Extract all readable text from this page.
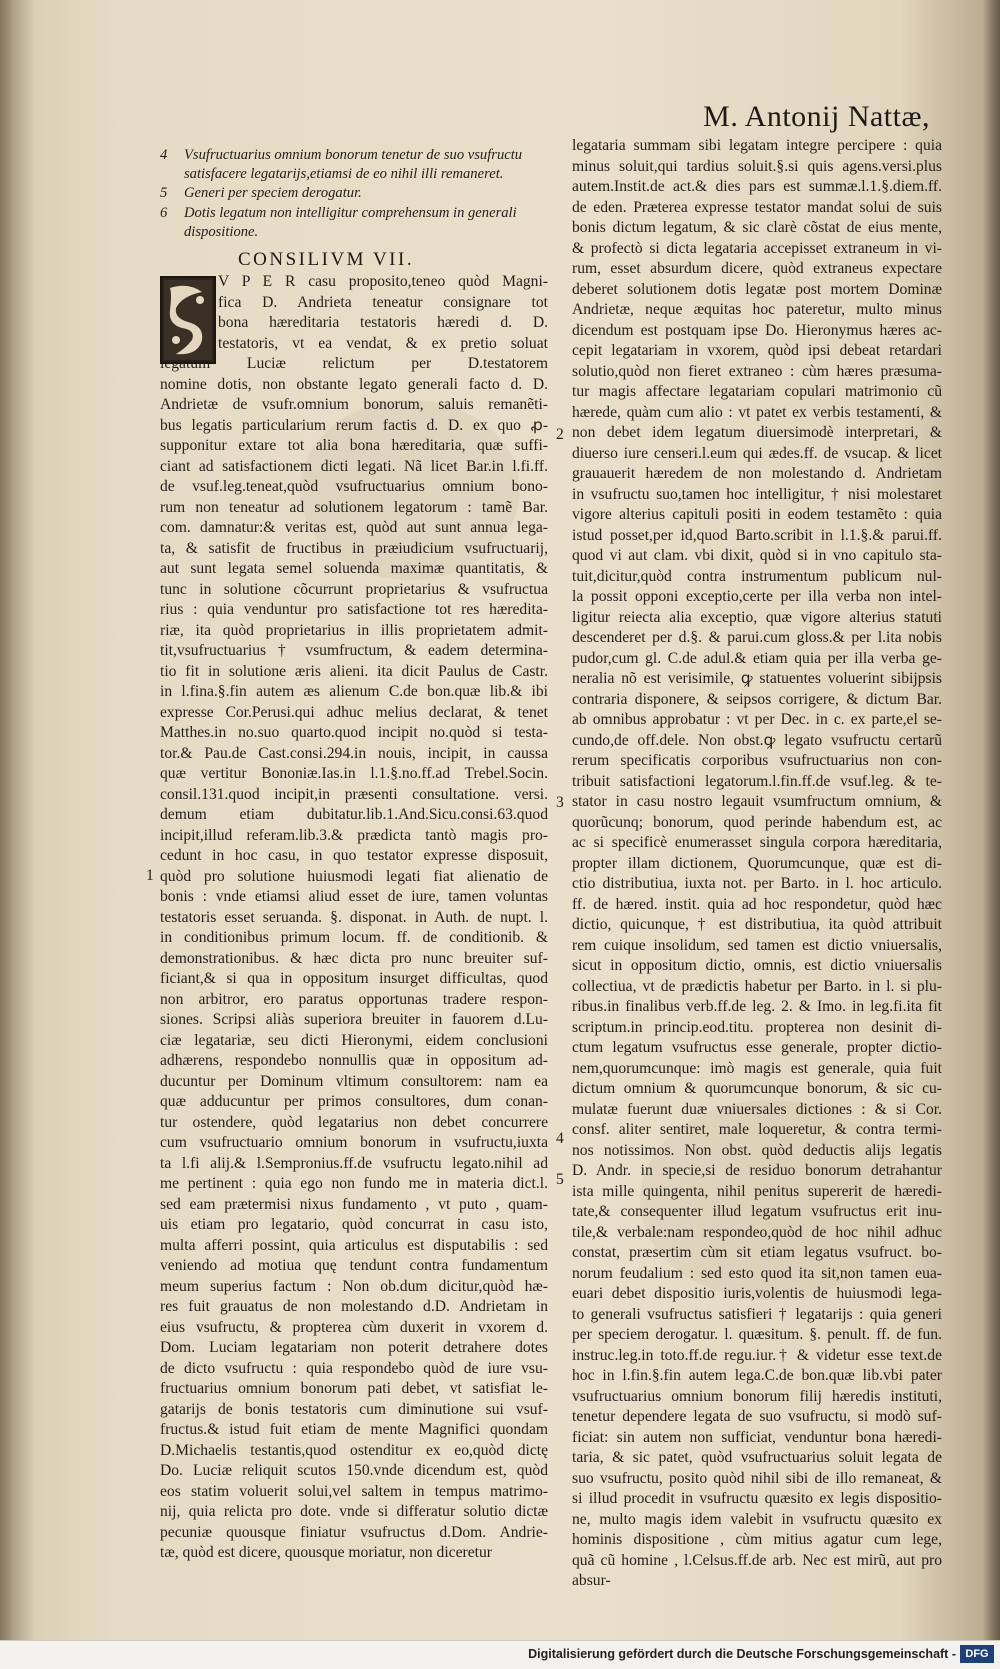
M. Antonij Nattæ,
4 Vsufructuarius omnium bonorum tenetur de suo vsufructu satisfacere legatarijs,etiamsi de eo nihil illi remaneret.
5 Generi per speciem derogatur.
6 Dotis legatum non intelligitur comprehensum in generali dispositione.
CONSILIVM VII.
V P E R casu proposito,teneo quòd Magni-
fica D. Andrieta teneatur consignare tot
bona hæreditaria testatoris hæredi d. D.
testatoris, vt ea vendat, & ex pretio soluat
legatum Luciæ relictum per D.testatorem
nomine dotis, non obstante legato generali facto d. D.
Andrietæ de vsufr.omnium bonorum, saluis remanẽti-
bus legatis particularium rerum factis d. D. ex quo ꝓ-
supponitur extare tot alia bona hæreditaria, quæ suffi-
ciant ad satisfactionem dicti legati. Nã licet Bar.in l.fi.ff.
de vsuf.leg.teneat,quòd vsufructuarius omnium bono-
rum non teneatur ad solutionem legatorum : tamẽ Bar.
com. damnatur:& veritas est, quòd aut sunt annua lega-
ta, & satisfit de fructibus in præiudicium vsufructuarij,
aut sunt legata semel soluenda maximæ quantitatis, &
tunc in solutione cõcurrunt proprietarius & vsufructua
rius : quia venduntur pro satisfactione tot res hæredita-
riæ, ita quòd proprietarius in illis proprietatem admit-
tit,vsufructuarius † vsumfructum, & eadem determina-
tio fit in solutione æris alieni. ita dicit Paulus de Castr.
in l.fina.§.fin autem æs alienum C.de bon.quæ lib.& ibi
expresse Cor.Perusi.qui adhuc melius declarat, & tenet
Matthes.in no.suo quarto.quod incipit no.quòd si testa-
tor.& Pau.de Cast.consi.294.in nouis, incipit, in caussa
quæ vertitur Bononiæ.Ias.in l.1.§.no.ff.ad Trebel.Socin.
consil.131.quod incipit,in præsenti consultatione. versi.
demum etiam dubitatur.lib.1.And.Sicu.consi.63.quod
incipit,illud referam.lib.3.& prædicta tantò magis pro-
cedunt in hoc casu, in quo testator expresse disposuit,
quòd pro solutione huiusmodi legati fiat alienatio de
bonis : vnde etiamsi aliud esset de iure, tamen voluntas
testatoris esset seruanda. §. disponat. in Auth. de nupt. l.
in conditionibus primum locum. ff. de conditionib. &
demonstrationibus. & hæc dicta pro nunc breuiter suf-
ficiant,& si qua in oppositum insurget difficultas, quod
non arbitror, ero paratus opportunas tradere respon-
siones. Scripsi aliàs superiora breuiter in fauorem d.Lu-
ciæ legatariæ, seu dicti Hieronymi, eidem conclusioni
adhærens, respondebo nonnullis quæ in oppositum ad-
ducuntur per Dominum vltimum consultorem: nam ea
quæ adducuntur per primos consultores, dum conan-
tur ostendere, quòd legatarius non debet concurrere
cum vsufructuario omnium bonorum in vsufructu,iuxta
ta l.fi alij.& l.Sempronius.ff.de vsufructu legato.nihil ad
me pertinent : quia ego non fundo me in materia dict.l.
sed eam prætermisi nixus fundamento , vt puto , quam-
uis etiam pro legatario, quòd concurrat in casu isto,
multa afferri possint, quia articulus est disputabilis : sed
veniendo ad motiua quę tendunt contra fundamentum
meum superius factum : Non ob.dum dicitur,quòd hæ-
res fuit grauatus de non molestando d.D. Andrietam in
eius vsufructu, & propterea cùm duxerit in vxorem d.
Dom. Luciam legatariam non poterit detrahere dotes
de dicto vsufructu : quia respondebo quòd de iure vsu-
fructuarius omnium bonorum pati debet, vt satisfiat le-
gatarijs de bonis testatoris cum diminutione sui vsuf-
fructus.& istud fuit etiam de mente Magnifici quondam
D.Michaelis testantis,quod ostenditur ex eo,quòd dictę
Do. Luciæ reliquit scutos 150.vnde dicendum est, quòd
eos statim voluerit solui,vel saltem in tempus matrimo-
nij, quia relicta pro dote. vnde si differatur solutio dictæ
pecuniæ quousque finiatur vsufructus d.Dom. Andrie-
tæ, quòd est dicere, quousque moriatur, non diceretur
legataria summam sibi legatam integre percipere : quia
minus soluit,qui tardius soluit.§.si quis agens.versi.plus
autem.Instit.de act.& dies pars est summæ.l.1.§.diem.ff.
de eden. Præterea expresse testator mandat solui de suis
bonis dictum legatum, & sic clarè cõstat de eius mente,
& profectò si dicta legataria accepisset extraneum in vi-
rum, esset absurdum dicere, quòd extraneus expectare
deberet solutionem dotis legatæ post mortem Dominæ
Andrietæ, neque æquitas hoc pateretur, multo minus
dicendum est postquam ipse Do. Hieronymus hæres ac-
cepit legatariam in vxorem, quòd ipsi debeat retardari
solutio,quòd non fieret extraneo : cùm hæres præsuma-
tur magis affectare legatariam copulari matrimonio cũ
hærede, quàm cum alio : vt patet ex verbis testamenti, &
non debet idem legatum diuersimodè interpretari, &
diuerso iure censeri.l.eum qui ædes.ff. de vsucap. & licet
grauauerit hæredem de non molestando d. Andrietam
in vsufructu suo,tamen hoc intelligitur, † nisi molestaret
vigore alterius capituli positi in eodem testamẽto : quia
istud posset,per id,quod Barto.scribit in l.1.§.& parui.ff.
quod vi aut clam. vbi dixit, quòd si in vno capitulo sta-
tuit,dicitur,quòd contra instrumentum publicum nul-
la possit opponi exceptio,certe per illa verba non intel-
ligitur reiecta alia exceptio, quæ vigore alterius statuti
descenderet per d.§. & parui.cum gloss.& per l.ita nobis
pudor,cum gl. C.de adul.& etiam quia per illa verba ge-
neralia nõ est verisimile, ꝙ statuentes voluerint sibijpsis
contraria disponere, & seipsos corrigere, & dictum Bar.
ab omnibus approbatur : vt per Dec. in c. ex parte,el se-
cundo,de off.dele. Non obst.ꝙ legato vsufructu certarũ
rerum specificatis corporibus vsufructuarius non con-
tribuit satisfactioni legatorum.l.fin.ff.de vsuf.leg. & te-
stator in casu nostro legauit vsumfructum omnium, &
quorũcunq; bonorum, quod perinde habendum est, ac
ac si specificè enumerasset singula corpora hæreditaria,
propter illam dictionem, Quorumcunque, quæ est di-
ctio distributiua, iuxta not. per Barto. in l. hoc articulo.
ff. de hæred. instit. quia ad hoc respondetur, quòd hæc
dictio, quicunque, † est distributiua, ita quòd attribuit
rem cuique insolidum, sed tamen est dictio vniuersalis,
sicut in oppositum dictio, omnis, est dictio vniuersalis
collectiua, vt de prædictis habetur per Barto. in l. si plu-
ribus.in finalibus verb.ff.de leg. 2. & Imo. in leg.fi.ita fit
scriptum.in princip.eod.titu. propterea non desinit di-
ctum legatum vsufructus esse generale, propter dictio-
nem,quorumcunque: imò magis est generale, quia fuit
dictum omnium & quorumcunque bonorum, & sic cu-
mulatæ fuerunt duæ vniuersales dictiones : & si Cor.
consf. aliter sentiret, male loqueretur, & contra termi-
nos notissimos. Non obst. quòd deductis alijs legatis
D. Andr. in specie,si de residuo bonorum detrahantur
ista mille quingenta, nihil penitus supererit de hæredi-
tate,& consequenter illud legatum vsufructus erit inu-
tile,& verbale:nam respondeo,quòd de hoc nihil adhuc
constat, præsertim cùm sit etiam legatus vsufruct. bo-
norum feudalium : sed esto quod ita sit,non tamen eua-
euari debet dispositio iuris,volentis de huiusmodi lega-
to generali vsufructus satisfieri † legatarijs : quia generi
per speciem derogatur. l. quæsitum. §. penult. ff. de fun.
instruc.leg.in toto.ff.de regu.iur.† & videtur esse text.de
hoc in l.fin.§.fin autem lega.C.de bon.quæ lib.vbi pater
vsufructuarius omnium bonorum filij hæredis instituti,
tenetur dependere legata de suo vsufructu, si modò suf-
ficiat: sin autem non sufficiat, venduntur bona hæredi-
taria, & sic patet, quòd vsufructuarius soluit legata de
suo vsufructu, posito quòd nihil sibi de illo remaneat, &
si illud procedit in vsufructu quæsito ex legis dispositio-
ne, multo magis idem valebit in vsufructu quæsito ex
hominis dispositione , cùm mitius agatur cum lege,
quã cũ homine , l.Celsus.ff.de arb. Nec est mirũ, aut pro
absur-
1
2
3
4
5
Digitalisierung gefördert durch die Deutsche Forschungsgemeinschaft - DFG
